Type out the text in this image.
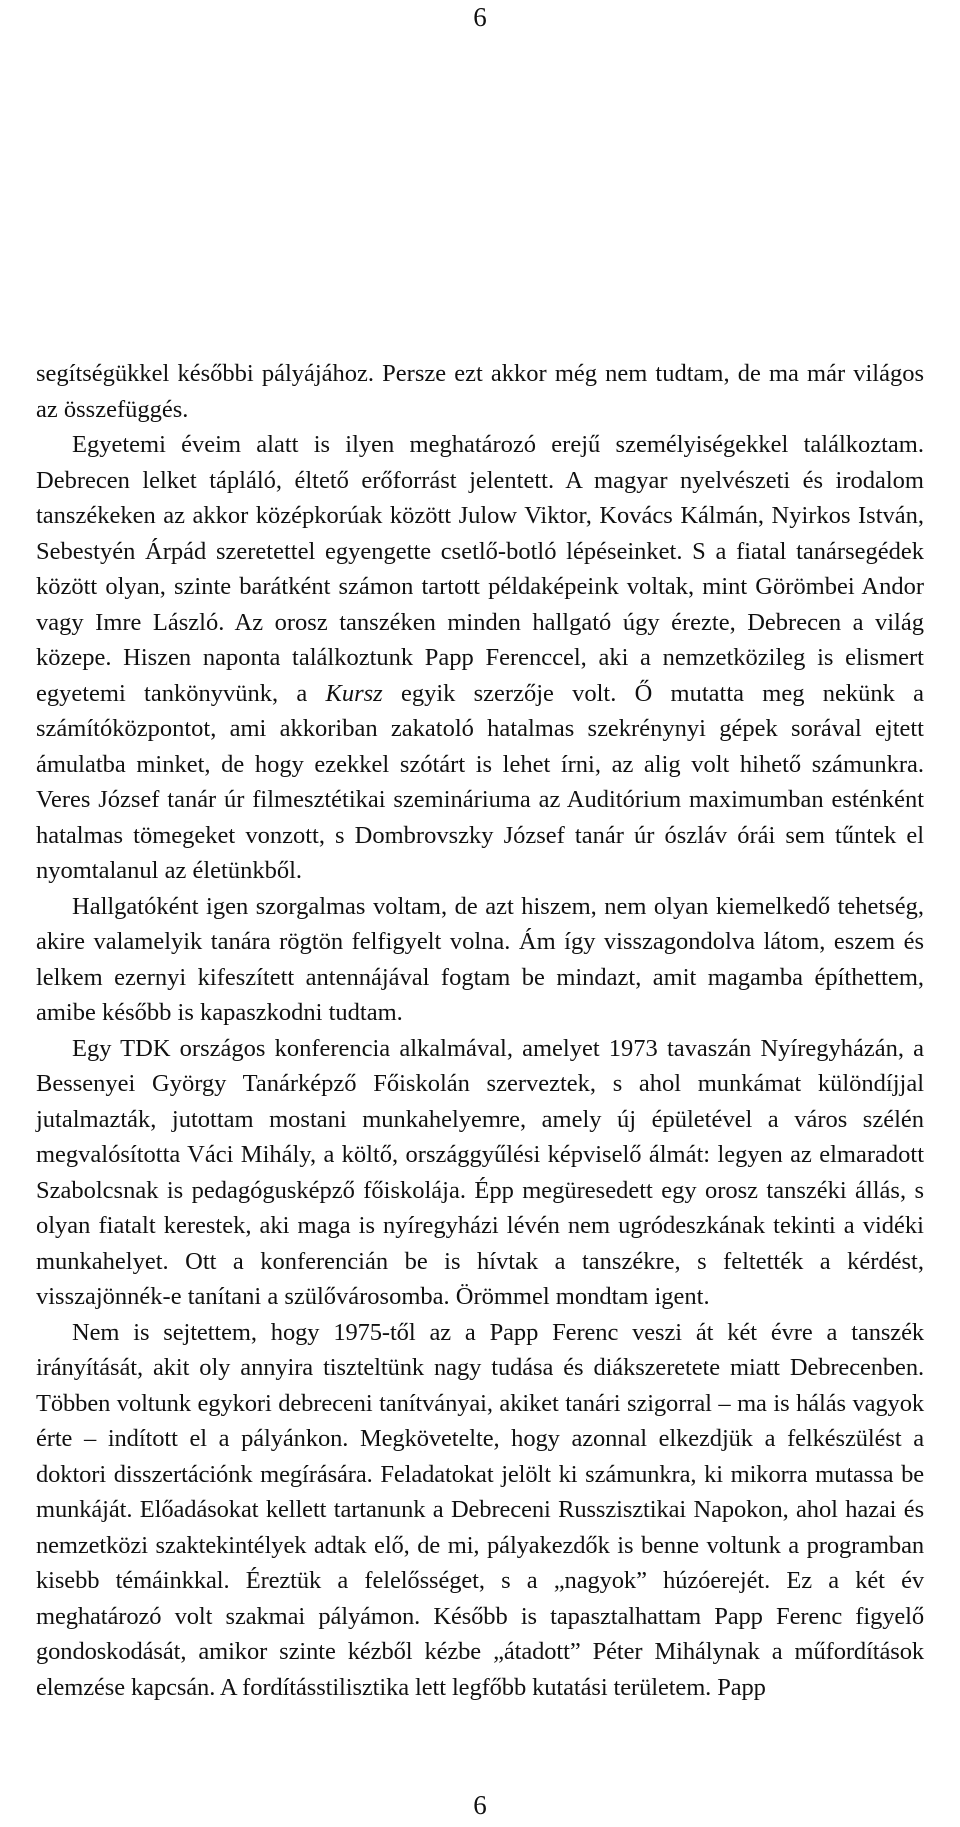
6

segítségükkel későbbi pályájához. Persze ezt akkor még nem tudtam, de ma már világos az összefüggés.

Egyetemi éveim alatt is ilyen meghatározó erejű személyiségekkel találkoztam. Debrecen lelket tápláló, éltető erőforrást jelentett. A magyar nyelvészeti és irodalom tanszékeken az akkor középkorúak között Julow Viktor, Kovács Kálmán, Nyirkos István, Sebestyén Árpád szeretettel egyengette csetlő-botló lépéseinket. S a fiatal tanársegédek között olyan, szinte barátként számon tartott példaképeink voltak, mint Görömbei Andor vagy Imre László. Az orosz tanszéken minden hallgató úgy érezte, Debrecen a világ közepe. Hiszen naponta találkoztunk Papp Ferenccel, aki a nemzetközileg is elismert egyetemi tankönyvünk, a Kursz egyik szerzője volt. Ő mutatta meg nekünk a számítóközpontot, ami akkoriban zakatoló hatalmas szekrénynyi gépek sorával ejtett ámulatba minket, de hogy ezekkel szótárt is lehet írni, az alig volt hihető számunkra. Veres József tanár úr filmesztétikai szemináriuma az Auditórium maximumban esténként hatalmas tömegeket vonzott, s Dombrovszky József tanár úr ószláv órái sem tűntek el nyomtalanul az életünkből.

Hallgatóként igen szorgalmas voltam, de azt hiszem, nem olyan kiemelkedő tehetség, akire valamelyik tanára rögtön felfigyelt volna. Ám így visszagondolva látom, eszem és lelkem ezernyi kifeszített antennájával fogtam be mindazt, amit magamba építhettem, amibe később is kapaszkodni tudtam.

Egy TDK országos konferencia alkalmával, amelyet 1973 tavaszán Nyíregyházán, a Bessenyei György Tanárképző Főiskolán szerveztek, s ahol munkámat különdíjjal jutalmazták, jutottam mostani munkahelyemre, amely új épületével a város szélén megvalósította Váci Mihály, a költő, országgyűlési képviselő álmát: legyen az elmaradott Szabolcsnak is pedagógusképző főiskolája. Épp megüresedett egy orosz tanszéki állás, s olyan fiatalt kerestek, aki maga is nyíregyházi lévén nem ugródeszkának tekinti a vidéki munkahelyet. Ott a konferencián be is hívtak a tanszékre, s feltették a kérdést, visszajönnék-e tanítani a szülővárosomba. Örömmel mondtam igent.

Nem is sejtettem, hogy 1975-től az a Papp Ferenc veszi át két évre a tanszék irányítását, akit oly annyira tiszteltünk nagy tudása és diákszeretete miatt Debrecenben. Többen voltunk egykori debreceni tanítványai, akiket tanári szigorral – ma is hálás vagyok érte – indított el a pályánkon. Megkövetelte, hogy azonnal elkezdjük a felkészülést a doktori disszertációnk megírására. Feladatokat jelölt ki számunkra, ki mikorra mutassa be munkáját. Előadásokat kellett tartanunk a Debreceni Russzisztikai Napokon, ahol hazai és nemzetközi szaktekintélyek adtak elő, de mi, pályakezdők is benne voltunk a programban kisebb témáinkkal. Éreztük a felelősséget, s a „nagyok” húzóerejét. Ez a két év meghatározó volt szakmai pályámon. Később is tapasztalhattam Papp Ferenc figyelő gondoskodását, amikor szinte kézből kézbe „átadott” Péter Mihálynak a műfordítások elemzése kapcsán. A fordításstilisztika lett legfőbb kutatási területem. Papp

6
